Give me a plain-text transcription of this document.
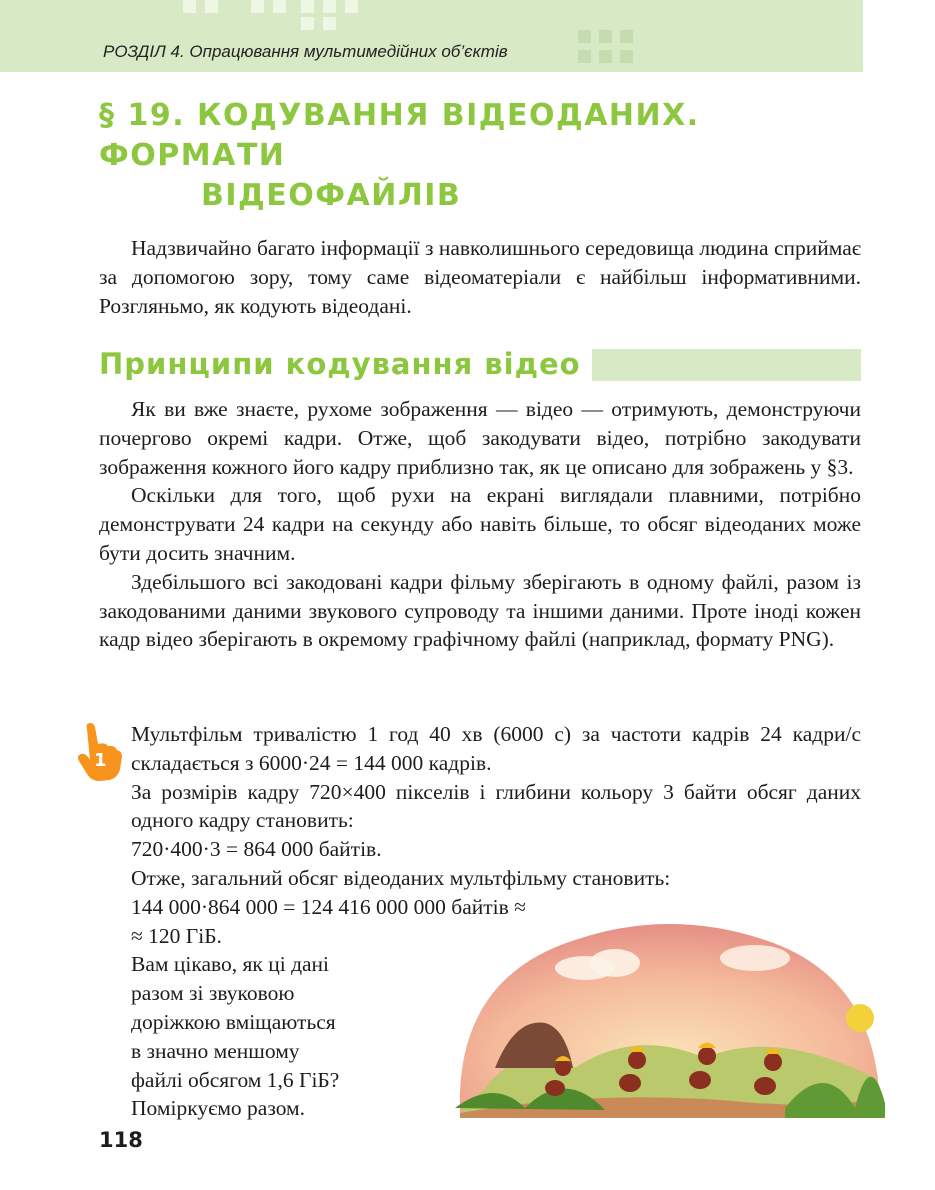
РОЗДІЛ 4. Опрацювання мультимедійних об’єктів
§ 19. КОДУВАННЯ ВІДЕОДАНИХ. ФОРМАТИ
ВІДЕОФАЙЛІВ

Надзвичайно багато інформації з навколишнього середовища людина сприймає за допомогою зору, тому саме відеоматеріали є найбільш інформативними. Розгляньмо, як кодують відеодані.

Принципи кодування відео

Як ви вже знаєте, рухоме зображення — відео — отримують, демонструючи почергово окремі кадри. Отже, щоб закодувати відео, потрібно закодувати зображення кожного його кадру приблизно так, як це описано для зображень у §3.

Оскільки для того, щоб рухи на екрані виглядали плавними, потрібно демонструвати 24 кадри на секунду або навіть більше, то обсяг відеоданих може бути досить значним.

Здебільшого всі закодовані кадри фільму зберігають в одному файлі, разом із закодованими даними звукового супроводу та іншими даними. Проте іноді кожен кадр відео зберігають в окремому графічному файлі (наприклад, формату PNG).

1

Мультфільм тривалістю 1 год 40 хв (6000 с) за частоти кадрів 24 кадри/с складається з 6000·24 = 144 000 кадрів.

За розмірів кадру 720×400 пікселів і глибини кольору 3 байти обсяг даних одного кадру становить:

720·400·3 = 864 000 байтів.

Отже, загальний обсяг відеоданих мультфільму становить:

144 000·864 000 = 124 416 000 000 байтів ≈

≈ 120 ГіБ.

Вам цікаво, як ці дані
разом зі звуковою
доріжкою вміщаються
в значно меншому
файлі обсягом 1,6 ГіБ?
Поміркуємо разом.
118
